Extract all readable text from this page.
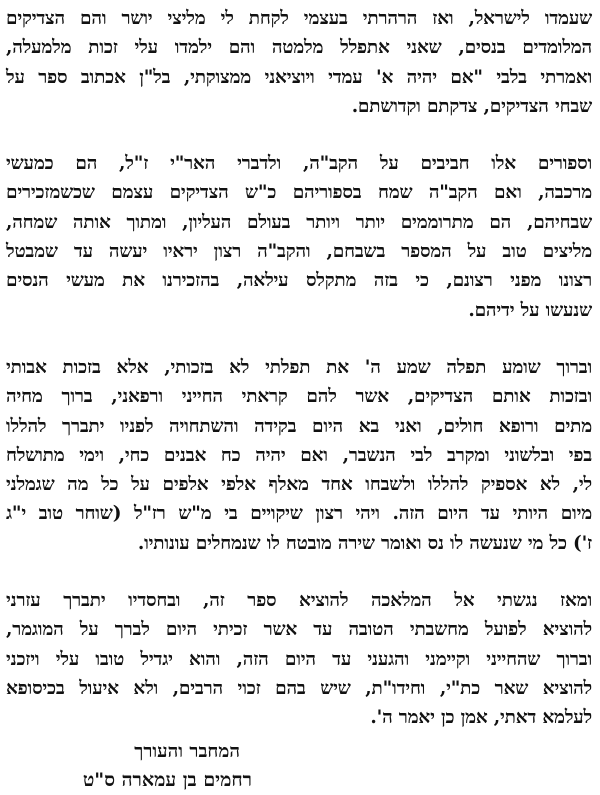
שעמדו לישראל, ואז הרהרתי בעצמי לקחת לי מליצי יושר והם הצדיקים
המלומדים בנסים, שאני אתפלל מלמטה והם ילמדו עלי זכות מלמעלה,
ואמרתי בלבי "אם יהיה א' עמדי ויוציאני ממצוקתי, בל"ן אכתוב ספר על
שבחי הצדיקים, צדקתם וקדושתם.

וספורים אלו חביבים על הקב"ה, ולדברי האר"י ז"ל, הם כמעשי
מרכבה, ואם הקב"ה שמח בספוריהם כ"ש הצדיקים עצמם שכשמזכירים
שבחיהם, הם מתרוממים יותר ויותר בעולם העליון, ומתוך אותה שמחה,
מליצים טוב על המספר בשבחם, והקב"ה רצון יראיו יעשה עד שמבטל
רצונו מפני רצונם, כי בזה מתקלס עילאה, בהזכירנו את מעשי הנסים
שנעשו על ידיהם.

וברוך שומע תפלה שמע ה' את תפלתי לא בזכותי, אלא בזכות אבותי
ובזכות אותם הצדיקים, אשר להם קראתי החייני ורפאני, ברוך מחיה
מתים ורופא חולים, ואני בא היום בקידה והשתחויה לפניו יתברך להללו
בפי ובלשוני ומקרב לבי הנשבר, ואם יהיה כח אבנים כחי, וימי מתושלח
לי, לא אספיק להללו ולשבחו אחד מאלף אלפי אלפים על כל מה שגמלני
מיום היותי עד היום הזה. ויהי רצון שיקויים בי מ"ש רז"ל (שוחר טוב י"ג
ז') כל מי שנעשה לו נס ואומר שירה מובטח לו שנמחלים עונותיו.

ומאז נגשתי אל המלאכה להוציא ספר זה, ובחסדיו יתברך עזרני
להוציא לפועל מחשבתי הטובה עד אשר זכיתי היום לברך על המוגמר,
וברוך שהחייני וקיימני והגעני עד היום הזה, והוא יגדיל טובו עלי ויזכני
להוציא שאר כת"י, וחידו"ת, שיש בהם זכוי הרבים, ולא איעול בכיסופא
לעלמא דאתי, אמן כן יאמר ה'.

המחבר והעורך
רחמים בן עמארה ס"ט
